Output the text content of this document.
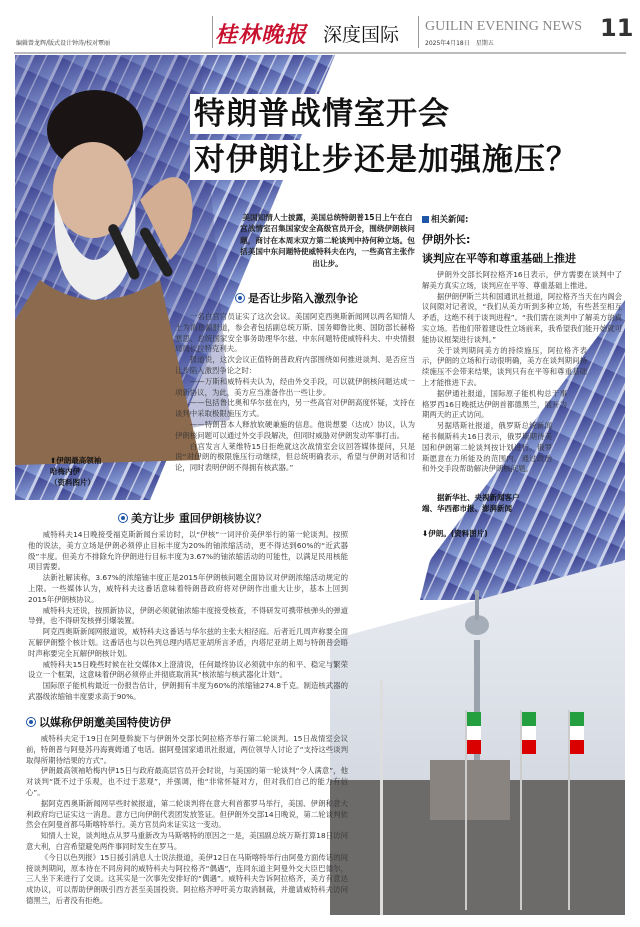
编辑曾龙辉/版式设计钟涛/校对覃丽	桂林晚报 深度国际 GUILIN EVENING NEWS
2025年4月18日　星期五
11
特朗普战情室开会
对伊朗让步还是加强施压？
美国知情人士披露，美国总统特朗普15日上午在白宫战情室召集国家安全高级官员开会，围绕伊朗核问题，商讨在本周末双方第二轮谈判中持何种立场。包括美国中东问题特使威特科夫在内，一些高官主张作出让步。
⬆伊朗最高领袖
哈梅内伊
（资料图片）
是否让步陷入激烈争论

一名白宫官员证实了这次会议。美国阿克西奥斯新闻网以两名知情人士为消息源报道，参会者包括副总统万斯、国务卿鲁比奥、国防部长赫格塞思、总统国家安全事务助理华尔兹、中东问题特使威特科夫、中央情报局局长拉特克利夫。

报道说，这次会议正值特朗普政府内部围绕如何推进谈判、是否应当让步陷入激烈争论之时：

——万斯和威特科夫认为，经由外交手段，可以就伊朗核问题达成一项新协议，为此，美方应当准备作出一些让步。

——包括鲁比奥和华尔兹在内，另一些高官对伊朗高度怀疑，支持在谈判中采取极限施压方式。

——特朗普本人释放软硬兼施的信息。他说想要（达成）协议，认为伊朗核问题可以通过外交手段解决，但同时威胁对伊朗发动军事打击。

白宫发言人莱维特15日拒绝就这次战情室会议回答媒体提问，只是说“对伊朗的极限施压行动继续，但总统明确表示，希望与伊朗对话和讨论，同时表明伊朗不得拥有核武器。”

美方让步 重回伊朗核协议？

威特科夫14日晚接受福克斯新闻台采访时，以“伊核”一词评价美伊举行的第一轮谈判。按照他的说法，美方立场是伊朗必须停止目标丰度为20%的铀浓缩活动，更不得达到60%的“近武器级”丰度。但美方不排除允许伊朗进行目标丰度为3.67%的铀浓缩活动的可能性，以满足民用核能项目需要。

法新社解读称，3.67%的浓缩铀丰度正是2015年伊朗核问题全面协议对伊朗浓缩活动规定的上限。一些媒体认为，威特科夫这番话意味着特朗普政府将对伊朗作出重大让步，基本上回到2015年伊朗核协议。

威特科夫还说，按照新协议，伊朗必须就铀浓缩丰度接受核查，不得研发可携带核弹头的弹道导弹，也不得研发核弹引爆装置。

阿克西奥斯新闻网报道说，威特科夫这番话与华尔兹的主张大相径庭。后者近几周声称要全面瓦解伊朗整个核计划。这番话也与以色列总理内塔尼亚胡所言矛盾，内塔尼亚胡上周与特朗普会晤时声称要完全瓦解伊朗核计划。

威特科夫15日晚些时候在社交媒体X上澄清说，任何最终协议必须就中东的和平、稳定与繁荣设立一个框架，这意味着伊朗必须停止并彻底取消其“核浓缩与核武器化计划”。

国际原子能机构最近一份报告估计，伊朗拥有丰度为60%的浓缩铀274.8千克。制造核武器的武器级浓缩铀丰度要求高于90%。

以媒称伊朗邀美国特使访伊

威特科夫定于19日在阿曼斡旋下与伊朗外交部长阿拉格齐举行第二轮谈判。15日战情室会议前，特朗普与阿曼苏丹海赛姆通了电话。据阿曼国家通讯社报道，两位领导人讨论了“支持这些谈判取得所期待结果的方式”。

伊朗最高领袖哈梅内伊15日与政府最高层官员开会时说，与美国的第一轮谈判“令人满意”，他对谈判“既不过于乐观，也不过于悲观”，并强调，他“非常怀疑对方，但对我们自己的能力有信心”。

据阿克西奥斯新闻网早些时候报道，第二轮谈判将在意大利首都罗马举行，美国、伊朗和意大利政府均已证实这一消息。意方已向伊朗代表团发放签证。但伊朗外交部14日晚说，第二轮谈判依然会在阿曼首都马斯喀特举行。美方官员尚未证实这一变动。

知情人士说，谈判地点从罗马重新改为马斯喀特的原因之一是，美国副总统万斯打算18日访问意大利，白宫希望避免两件事同时发生在罗马。

《今日以色列报》15日援引消息人士说法报道，美伊12日在马斯喀特举行由阿曼方面传话的间接谈判期间，原本待在不同房间的威特科夫与阿拉格齐“偶遇”，连同东道主阿曼外交大臣巴德尔，三人坐下来进行了交谈。这其实是一次事先安排好的“偶遇”。威特科夫告诉阿拉格齐，美方有意达成协议，可以帮助伊朗吸引西方甚至美国投资。阿拉格齐呼吁美方取消制裁，并邀请威特科夫访问德黑兰，后者没有拒绝。

相关新闻:
伊朗外长:
谈判应在平等和尊重基础上推进

伊朗外交部长阿拉格齐16日表示，伊方需要在谈判中了解美方真实立场，谈判应在平等、尊重基础上推进。

据伊朗伊斯兰共和国通讯社报道，阿拉格齐当天在内阁会议间隙对记者说，“我们从美方听到多种立场，有些甚至相互矛盾，这绝不利于谈判进程”。“我们需在谈判中了解美方的真实立场。若他们带着建设性立场前来，我希望我们能开始就可能协议框架进行谈判。”

关于谈判期间美方的持续施压，阿拉格齐表示，伊朗的立场和行动很明确，美方在谈判期间持续施压不会带来结果，谈判只有在平等和尊重基础上才能推进下去。

据伊通社报道，国际原子能机构总干事格罗西16日晚抵达伊朗首都德黑兰，展开为期两天的正式访问。

另据塔斯社报道，俄罗斯总统新闻秘书佩斯科夫16日表示，俄罗斯期待美国和伊朗第二轮谈判按计划进行。俄罗斯愿意在力所能及的范围内，通过政治和外交手段帮助解决伊朗核问题。

据新华社、央视新闻客户端、华西都市报、澎湃新闻
⬇伊朗。(资料图片)
